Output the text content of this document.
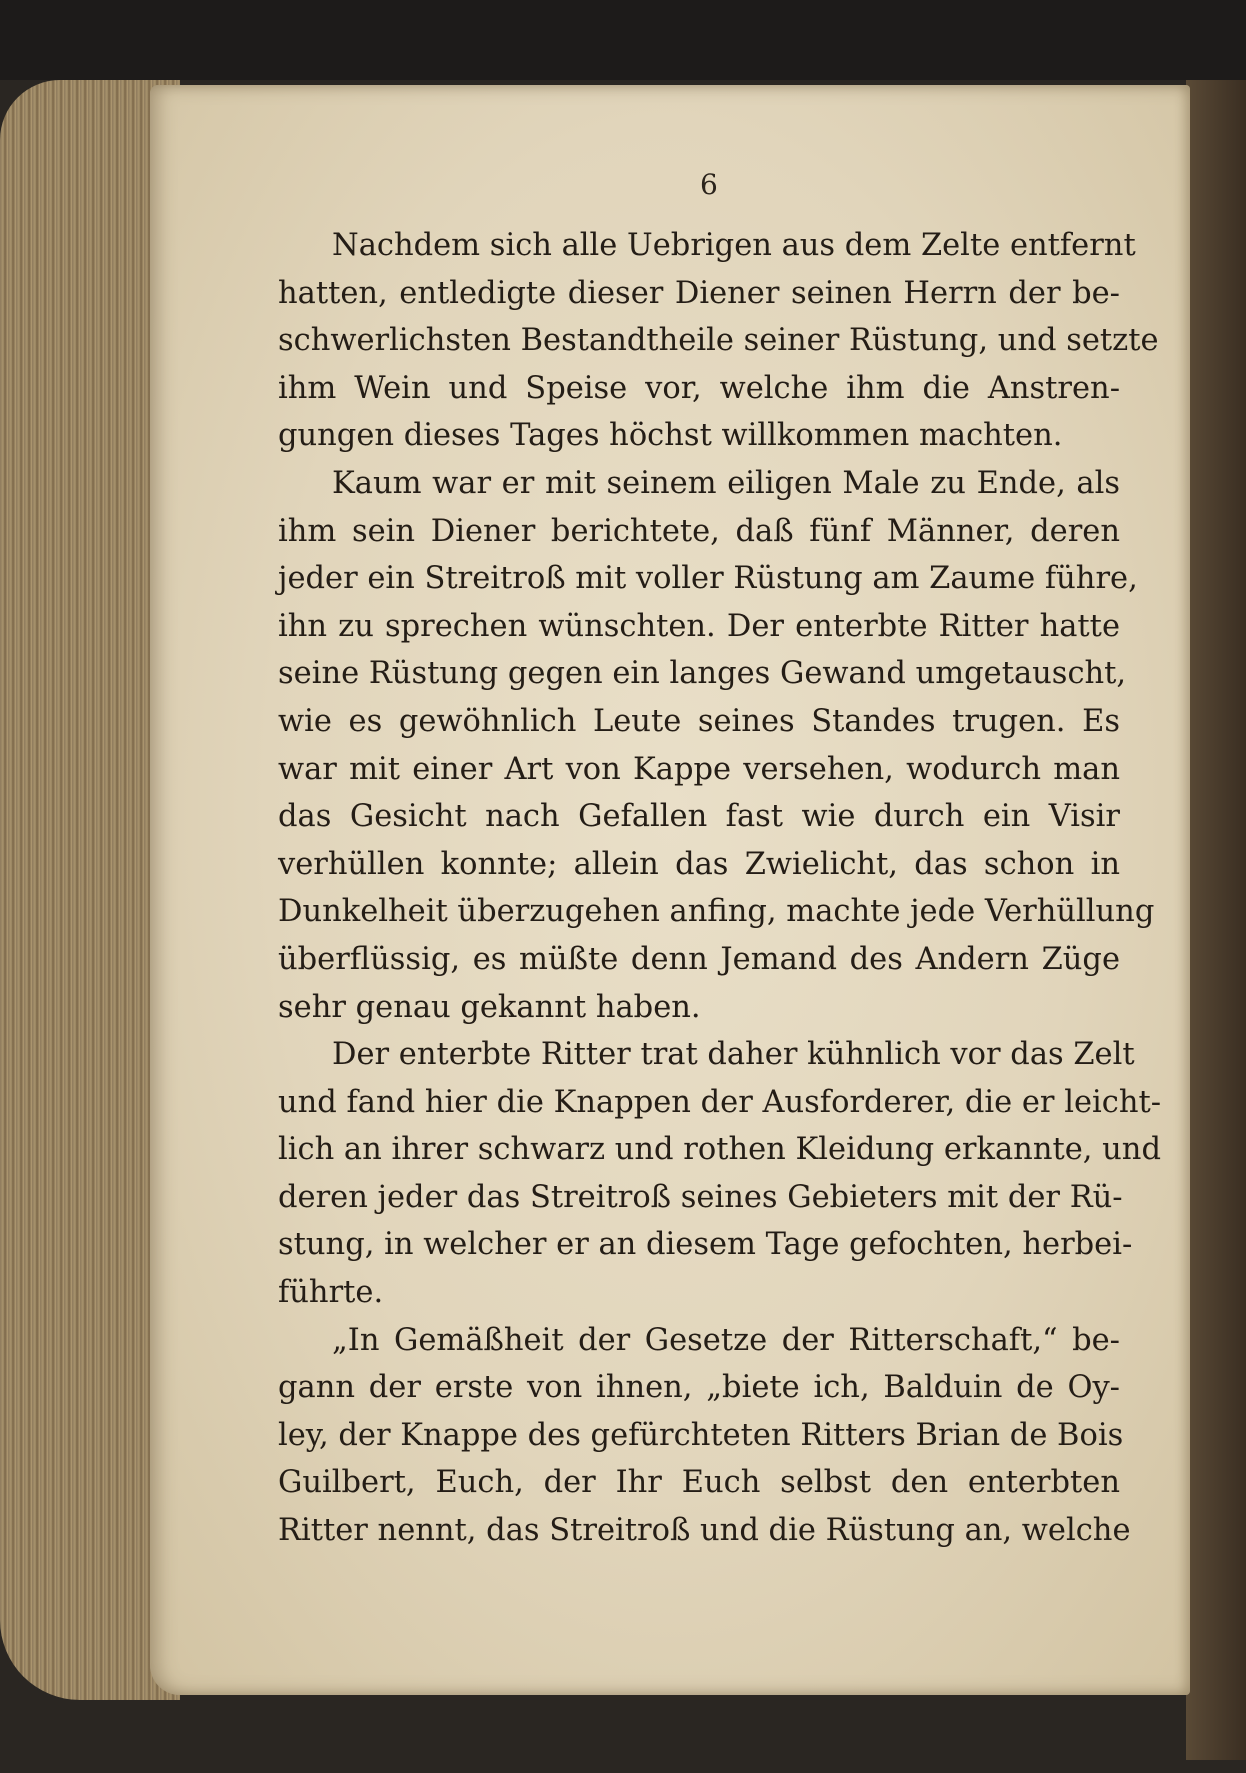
6

Nachdem sich alle Uebrigen aus dem Zelte entfernt
hatten, entledigte dieser Diener seinen Herrn der be-
schwerlichsten Bestandtheile seiner Rüstung, und setzte
ihm Wein und Speise vor, welche ihm die Anstren-
gungen dieses Tages höchst willkommen machten.

Kaum war er mit seinem eiligen Male zu Ende, als
ihm sein Diener berichtete, daß fünf Männer, deren
jeder ein Streitroß mit voller Rüstung am Zaume führe,
ihn zu sprechen wünschten. Der enterbte Ritter hatte
seine Rüstung gegen ein langes Gewand umgetauscht,
wie es gewöhnlich Leute seines Standes trugen. Es
war mit einer Art von Kappe versehen, wodurch man
das Gesicht nach Gefallen fast wie durch ein Visir
verhüllen konnte; allein das Zwielicht, das schon in
Dunkelheit überzugehen anfing, machte jede Verhüllung
überflüssig, es müßte denn Jemand des Andern Züge
sehr genau gekannt haben.

Der enterbte Ritter trat daher kühnlich vor das Zelt
und fand hier die Knappen der Ausforderer, die er leicht-
lich an ihrer schwarz und rothen Kleidung erkannte, und
deren jeder das Streitroß seines Gebieters mit der Rü-
stung, in welcher er an diesem Tage gefochten, herbei-
führte.

„In Gemäßheit der Gesetze der Ritterschaft,“ be-
gann der erste von ihnen, „biete ich, Balduin de Oy-
ley, der Knappe des gefürchteten Ritters Brian de Bois
Guilbert, Euch, der Ihr Euch selbst den enterbten
Ritter nennt, das Streitroß und die Rüstung an, welche
